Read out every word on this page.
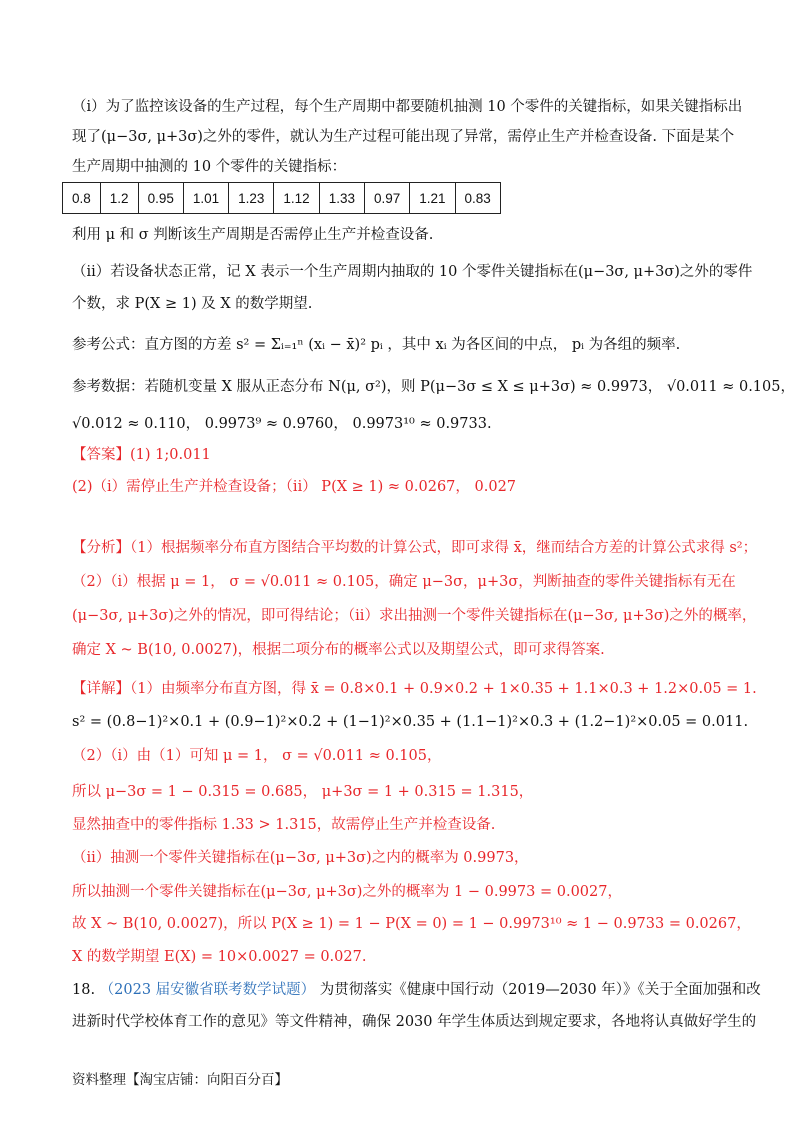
（i）为了监控该设备的生产过程，每个生产周期中都要随机抽测 10 个零件的关键指标，如果关键指标出
现了(μ−3σ, μ+3σ)之外的零件，就认为生产过程可能出现了异常，需停止生产并检查设备. 下面是某个
生产周期中抽测的 10 个零件的关键指标：
0.8	1.2	0.95	1.01	1.23	1.12	1.33	0.97	1.21	0.83
利用 μ 和 σ 判断该生产周期是否需停止生产并检查设备.
（ii）若设备状态正常，记 X 表示一个生产周期内抽取的 10 个零件关键指标在(μ−3σ, μ+3σ)之外的零件
个数，求 P(X ≥ 1) 及 X 的数学期望.
参考公式：直方图的方差 s² = Σᵢ₌₁ⁿ (xᵢ − x̄)² pᵢ ，其中 xᵢ 为各区间的中点， pᵢ 为各组的频率.
参考数据：若随机变量 X 服从正态分布 N(μ, σ²)，则 P(μ−3σ ≤ X ≤ μ+3σ) ≈ 0.9973， √0.011 ≈ 0.105，
√0.012 ≈ 0.110， 0.9973⁹ ≈ 0.9760， 0.9973¹⁰ ≈ 0.9733.
【答案】(1) 1;0.011
(2)（i）需停止生产并检查设备；（ii） P(X ≥ 1) ≈ 0.0267， 0.027
【分析】（1）根据频率分布直方图结合平均数的计算公式，即可求得 x̄，继而结合方差的计算公式求得 s²；
（2）（i）根据 μ = 1， σ = √0.011 ≈ 0.105，确定 μ−3σ，μ+3σ，判断抽查的零件关键指标有无在
(μ−3σ, μ+3σ)之外的情况，即可得结论；（ii）求出抽测一个零件关键指标在(μ−3σ, μ+3σ)之外的概率，
确定 X ~ B(10, 0.0027)，根据二项分布的概率公式以及期望公式，即可求得答案.
【详解】（1）由频率分布直方图，得 x̄ = 0.8×0.1 + 0.9×0.2 + 1×0.35 + 1.1×0.3 + 1.2×0.05 = 1.
s² = (0.8−1)²×0.1 + (0.9−1)²×0.2 + (1−1)²×0.35 + (1.1−1)²×0.3 + (1.2−1)²×0.05 = 0.011.
（2）（i）由（1）可知 μ = 1， σ = √0.011 ≈ 0.105，
所以 μ−3σ = 1 − 0.315 = 0.685， μ+3σ = 1 + 0.315 = 1.315，
显然抽查中的零件指标 1.33 > 1.315，故需停止生产并检查设备.
（ii）抽测一个零件关键指标在(μ−3σ, μ+3σ)之内的概率为 0.9973，
所以抽测一个零件关键指标在(μ−3σ, μ+3σ)之外的概率为 1 − 0.9973 = 0.0027，
故 X ~ B(10, 0.0027)，所以 P(X ≥ 1) = 1 − P(X = 0) = 1 − 0.9973¹⁰ ≈ 1 − 0.9733 = 0.0267，
X 的数学期望 E(X) = 10×0.0027 = 0.027.
18. （2023 届安徽省联考数学试题） 为贯彻落实《健康中国行动（2019—2030 年）》《关于全面加强和改
进新时代学校体育工作的意见》等文件精神，确保 2030 年学生体质达到规定要求，各地将认真做好学生的
资料整理【淘宝店铺：向阳百分百】
